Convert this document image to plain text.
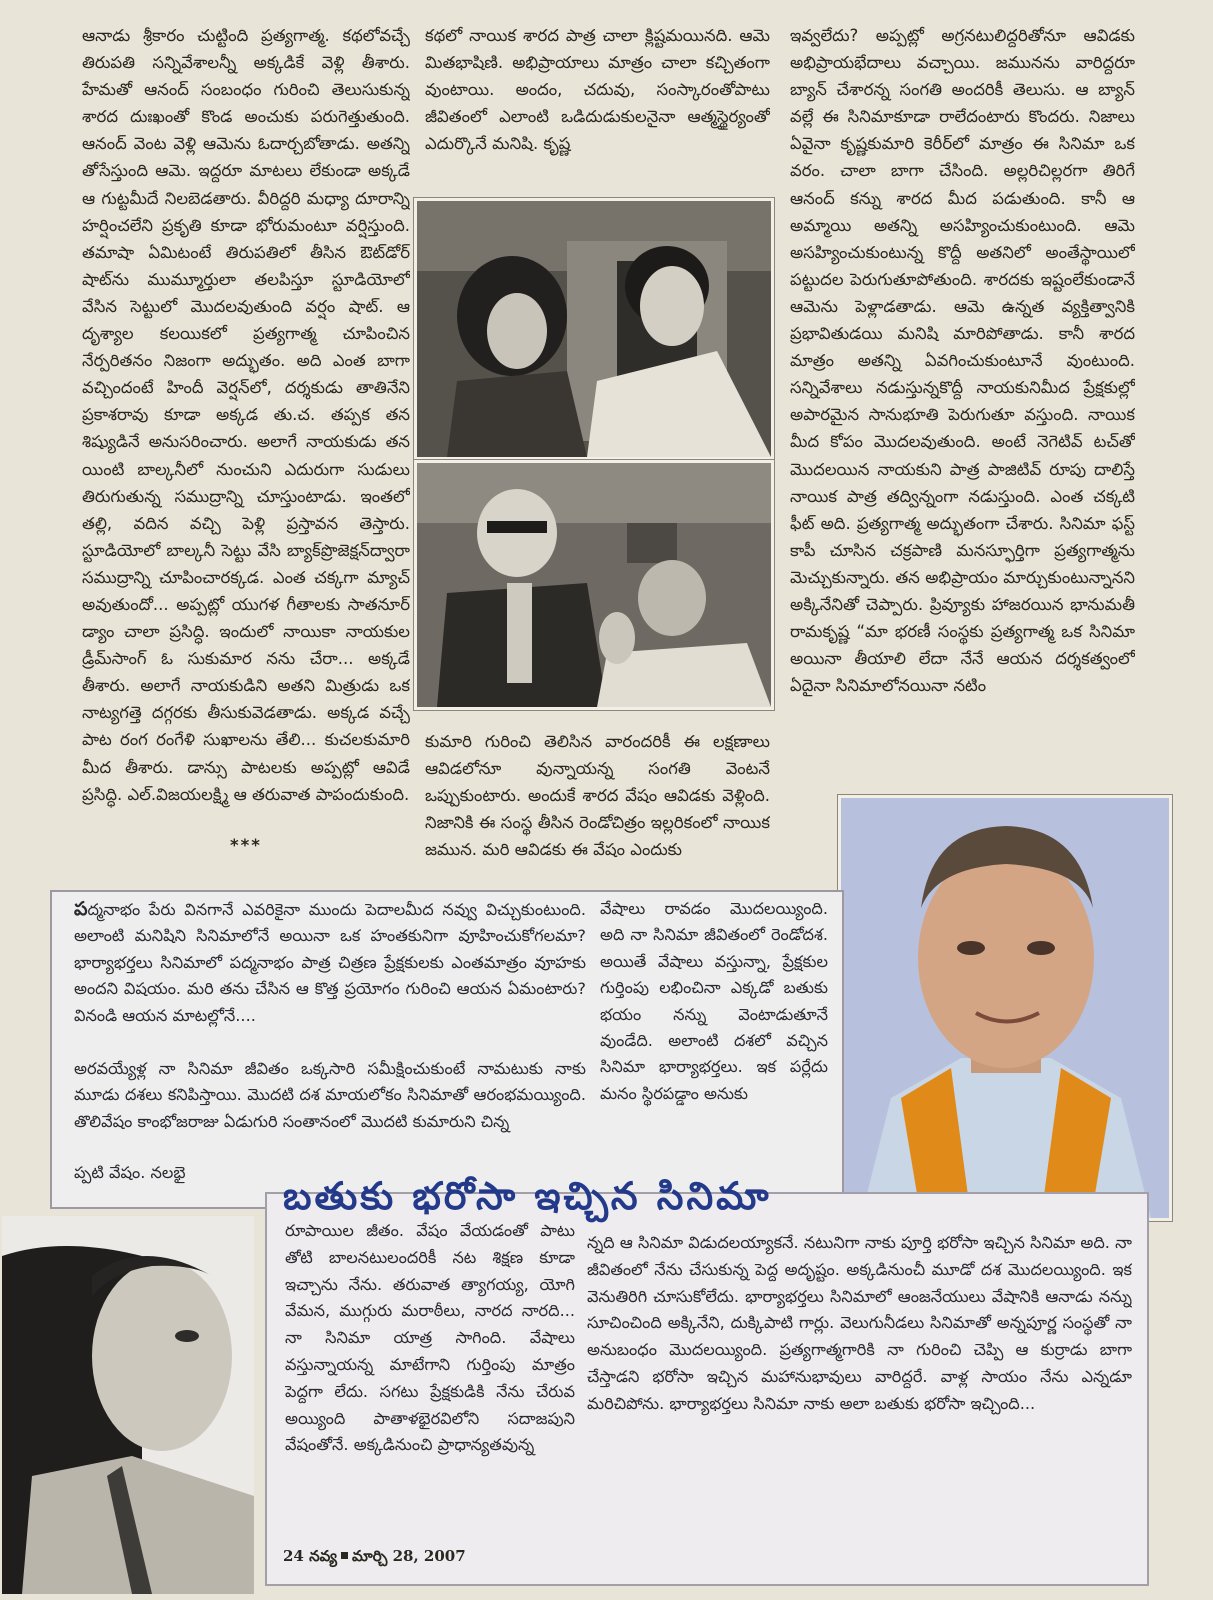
ఆనాడు శ్రీకారం చుట్టింది ప్రత్యగాత్మ. కథలోవచ్చే తిరుపతి సన్నివేశాలన్నీ అక్కడికే వెళ్లి తీశారు. హేమతో ఆనంద్ సంబంధం గురించి తెలుసుకున్న శారద దుఃఖంతో కొండ అంచుకు పరుగెత్తుతుంది. ఆనంద్ వెంట వెళ్లి ఆమెను ఓదార్చబోతాడు. అతన్ని తోసేస్తుంది ఆమె. ఇద్దరూ మాటలు లేకుండా అక్కడే ఆ గుట్టమీదే నిలబెడతారు. వీరిద్దరి మధ్యా దూరాన్ని హర్షించలేని ప్రకృతి కూడా భోరుమంటూ వర్షిస్తుంది. తమాషా ఏమిటంటే తిరుపతిలో తీసిన ఔట్‌డోర్ షాట్‌ను ముమ్మూర్తులా తలపిస్తూ స్టూడియోలో వేసిన సెట్టులో మొదలవుతుంది వర్షం షాట్. ఆ దృశ్యాల కలయికలో ప్రత్యగాత్మ చూపించిన నేర్పరితనం నిజంగా అద్భుతం. అది ఎంత బాగా వచ్చిందంటే హిందీ వెర్షన్‌లో, దర్శకుడు తాతినేని ప్రకాశరావు కూడా అక్కడ తు.చ. తప్పక తన శిష్యుడినే అనుసరించారు. అలాగే నాయకుడు తన యింటి బాల్కనీలో నుంచుని ఎదురుగా సుడులు తిరుగుతున్న సముద్రాన్ని చూస్తుంటాడు. ఇంతలో తల్లి, వదిన వచ్చి పెళ్లి ప్రస్తావన తెస్తారు. స్టూడియోలో బాల్కనీ సెట్టు వేసి బ్యాక్‌ప్రొజెక్షన్‌ద్వారా సముద్రాన్ని చూపించారక్కడ. ఎంత చక్కగా మ్యాచ్ అవుతుందో... అప్పట్లో యుగళ గీతాలకు సాతనూర్ డ్యాం చాలా ప్రసిద్ధి. ఇందులో నాయికా నాయకుల డ్రీమ్‌సాంగ్ ఓ సుకుమార నను చేరా... అక్కడే తీశారు. అలాగే నాయకుడిని అతని మిత్రుడు ఒక నాట్యగత్తె దగ్గరకు తీసుకువెడతాడు. అక్కడ వచ్చే పాట రంగ రంగేళి సుఖాలను తేలి... కుచలకుమారి మీద తీశారు. డాన్సు పాటలకు అప్పట్లో ఆవిడే ప్రసిద్ధి. ఎల్.విజయలక్ష్మి ఆ తరువాత పాపందుకుంది.

***

కథలో నాయిక శారద పాత్ర చాలా క్లిష్టమయినది. ఆమె మితభాషిణి. అభిప్రాయాలు మాత్రం చాలా కచ్చితంగా వుంటాయి. అందం, చదువు, సంస్కారంతోపాటు జీవితంలో ఎలాంటి ఒడిదుడుకులనైనా ఆత్మస్థైర్యంతో ఎదుర్కొనే మనిషి. కృష్ణ

కుమారి గురించి తెలిసిన వారందరికీ ఈ లక్షణాలు ఆవిడలోనూ వున్నాయన్న సంగతి వెంటనే ఒప్పుకుంటారు. అందుకే శారద వేషం ఆవిడకు వెళ్లింది. నిజానికి ఈ సంస్థ తీసిన రెండోచిత్రం ఇల్లరికంలో నాయిక జమున. మరి ఆవిడకు ఈ వేషం ఎందుకు

ఇవ్వలేదు? అప్పట్లో అగ్రనటులిద్దరితోనూ ఆవిడకు అభిప్రాయభేదాలు వచ్చాయి. జమునను వారిద్దరూ బ్యాన్ చేశారన్న సంగతి అందరికీ తెలుసు. ఆ బ్యాన్ వల్లే ఈ సినిమాకూడా రాలేదంటారు కొందరు. నిజాలు ఏవైనా కృష్ణకుమారి కెరీర్‌లో మాత్రం ఈ సినిమా ఒక వరం. చాలా బాగా చేసింది. అల్లరిచిల్లరగా తిరిగే ఆనంద్ కన్ను శారద మీద పడుతుంది. కానీ ఆ అమ్మాయి అతన్ని అసహ్యించుకుంటుంది. ఆమె అసహ్యించుకుంటున్న కొద్దీ అతనిలో అంతేస్థాయిలో పట్టుదల పెరుగుతూపోతుంది. శారదకు ఇష్టంలేకుండానే ఆమెను పెళ్లాడతాడు. ఆమె ఉన్నత వ్యక్తిత్వానికి ప్రభావితుడయి మనిషి మారిపోతాడు. కానీ శారద మాత్రం అతన్ని ఏవగించుకుంటూనే వుంటుంది. సన్నివేశాలు నడుస్తున్నకొద్దీ నాయకునిమీద ప్రేక్షకుల్లో అపారమైన సానుభూతి పెరుగుతూ వస్తుంది. నాయిక మీద కోపం మొదలవుతుంది. అంటే నెగెటివ్ టచ్‌తో మొదలయిన నాయకుని పాత్ర పాజిటివ్ రూపు దాలిస్తే నాయిక పాత్ర తద్విన్నంగా నడుస్తుంది. ఎంత చక్కటి ఫీట్ అది. ప్రత్యగాత్మ అద్భుతంగా చేశారు. సినిమా ఫస్ట్ కాపీ చూసిన చక్రపాణి మనస్ఫూర్తిగా ప్రత్యగాత్మను మెచ్చుకున్నారు. తన అభిప్రాయం మార్చుకుంటున్నానని అక్కినేనితో చెప్పారు. ప్రివ్యూకు హాజరయిన భానుమతీ రామకృష్ణ “మా భరణీ సంస్థకు ప్రత్యగాత్మ ఒక సినిమా అయినా తీయాలి లేదా నేనే ఆయన దర్శకత్వంలో ఏదైనా సినిమాలోనయినా నటిం

పద్మనాభం పేరు వినగానే ఎవరికైనా ముందు పెదాలమీద నవ్వు విచ్చుకుంటుంది. అలాంటి మనిషిని సినిమాలోనే అయినా ఒక హంతకునిగా వూహించుకోగలమా? భార్యాభర్తలు సినిమాలో పద్మనాభం పాత్ర చిత్రణ ప్రేక్షకులకు ఎంతమాత్రం వూహకు అందని విషయం. మరి తను చేసిన ఆ కొత్త ప్రయోగం గురించి ఆయన ఏమంటారు? వినండి ఆయన మాటల్లోనే....
అరవయ్యేళ్ల నా సినిమా జీవితం ఒక్కసారి సమీక్షించుకుంటే నామటుకు నాకు మూడు దశలు కనిపిస్తాయి. మొదటి దశ మాయలోకం సినిమాతో ఆరంభమయ్యింది. తొలివేషం కాంభోజరాజు ఏడుగురి సంతానంలో మొదటి కుమారుని చిన్న
ప్పటి వేషం. నలభై
వేషాలు రావడం మొదలయ్యింది. అది నా సినిమా జీవితంలో రెండోదశ. అయితే వేషాలు వస్తున్నా, ప్రేక్షకుల గుర్తింపు లభించినా ఎక్కడో బతుకు భయం నన్ను వెంటాడుతూనే వుండేది. అలాంటి దశలో వచ్చిన సినిమా భార్యాభర్తలు. ఇక పర్లేదు మనం స్థిరపడ్డాం అనుకు
రూపాయిల జీతం. వేషం వేయడంతో పాటు తోటి బాలనటులందరికీ నట శిక్షణ కూడా ఇచ్చాను నేను. తరువాత త్యాగయ్య, యోగి వేమన, ముగ్గురు మరాఠీలు, నారద నారది... నా సినిమా యాత్ర సాగింది. వేషాలు వస్తున్నాయన్న మాటేగాని గుర్తింపు మాత్రం పెద్దగా లేదు. సగటు ప్రేక్షకుడికి నేను చేరువ అయ్యింది పాతాళభైరవిలోని సదాజపుని వేషంతోనే. అక్కడినుంచి ప్రాధాన్యతవున్న
న్నది ఆ సినిమా విడుదలయ్యాకనే. నటునిగా నాకు పూర్తి భరోసా ఇచ్చిన సినిమా అది. నా జీవితంలో నేను చేసుకున్న పెద్ద అదృష్టం. అక్కడినుంచీ మూడో దశ మొదలయ్యింది. ఇక వెనుతిరిగి చూసుకోలేదు. భార్యాభర్తలు సినిమాలో ఆంజనేయులు వేషానికి ఆనాడు నన్ను సూచించింది అక్కినేని, దుక్కిపాటి గార్లు. వెలుగునీడలు సినిమాతో అన్నపూర్ణ సంస్థతో నా అనుబంధం మొదలయ్యింది. ప్రత్యగాత్మగారికి నా గురించి చెప్పి ఆ కుర్రాడు బాగా చేస్తాడని భరోసా ఇచ్చిన మహానుభావులు వారిద్దరే. వాళ్ల సాయం నేను ఎన్నడూ మరిచిపోను. భార్యాభర్తలు సినిమా నాకు అలా బతుకు భరోసా ఇచ్చింది...
బతుకు భరోసా ఇచ్చిన సినిమా
24 నవ్య మార్చి 28, 2007
